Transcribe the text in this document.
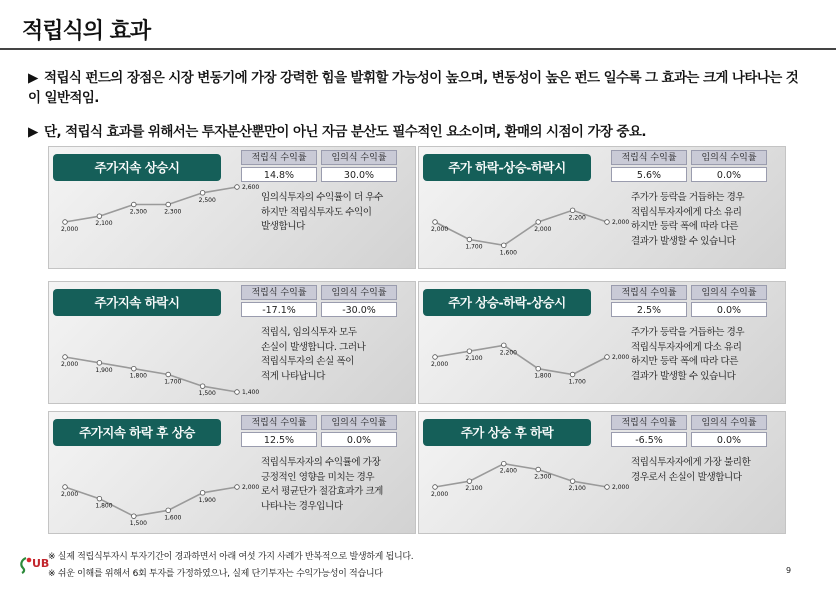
적립식의 효과
▶ 적립식 펀드의 장점은 시장 변동기에 가장 강력한 힘을 발휘할 가능성이 높으며, 변동성이 높은 펀드 일수록 그 효과는 크게 나타나는 것이 일반적임.
▶ 단, 적립식 효과를 위해서는 투자분산뿐만이 아닌 자금 분산도 필수적인 요소이며, 환매의 시점이 가장 중요.
주가지속 상승시
적립식 수익률
14.8%
임의식 수익률
30.0%
임의식투자의 수익률이 더 우수
하지만 적립식투자도 수익이
발생합니다
2,000
2,100
2,300	2,300
2,500
2,600
주가 하락-상승-하락시
적립식 수익률
5.6%
임의식 수익률
0.0%
주가가 등락을 거듭하는 경우
적립식투자자에게 다소 유리
하지만 등락 폭에 따라 다른
결과가 발생할 수 있습니다
2,000
1,700
1,600
2,000
2,200
2,000
주가지속 하락시
적립식 수익률
-17.1%
임의식 수익률
-30.0%
적립식, 임의식투자 모두
손실이 발생합니다. 그러나
적립식투자의 손실 폭이
적게 나타납니다
2,000
1,900
1,800
1,700
1,500	1,400
주가 상승-하락-상승시
적립식 수익률
2.5%
임의식 수익률
0.0%
주가가 등락을 거듭하는 경우
적립식투자자에게 다소 유리
하지만 등락 폭에 따라 다른
결과가 발생할 수 있습니다
2,000
2,100
2,200
1,800
1,700
2,000
주가지속 하락 후 상승
적립식 수익률
12.5%
임의식 수익률
0.0%
적립식투자자의 수익률에 가장
긍정적인 영향을 미치는 경우
로서 평균단가 절감효과가 크게
나타나는 경우입니다
2,000
1,800
1,500
1,600
1,900
2,000
주가 상승 후 하락
적립식 수익률
-6.5%
임의식 수익률
0.0%
적립식투자자에게 가장 불리한
경우로서 손실이 발생합니다
2,000
2,100
2,400
2,300
2,100	2,000
UB
※ 실제 적립식투자시 투자기간이 경과하면서 아래 여섯 가지 사례가 반복적으로 발생하게 됩니다.
※ 쉬운 이해를 위해서 6회 투자를 가정하였으나, 실제 단기투자는 수익가능성이 적습니다	9
